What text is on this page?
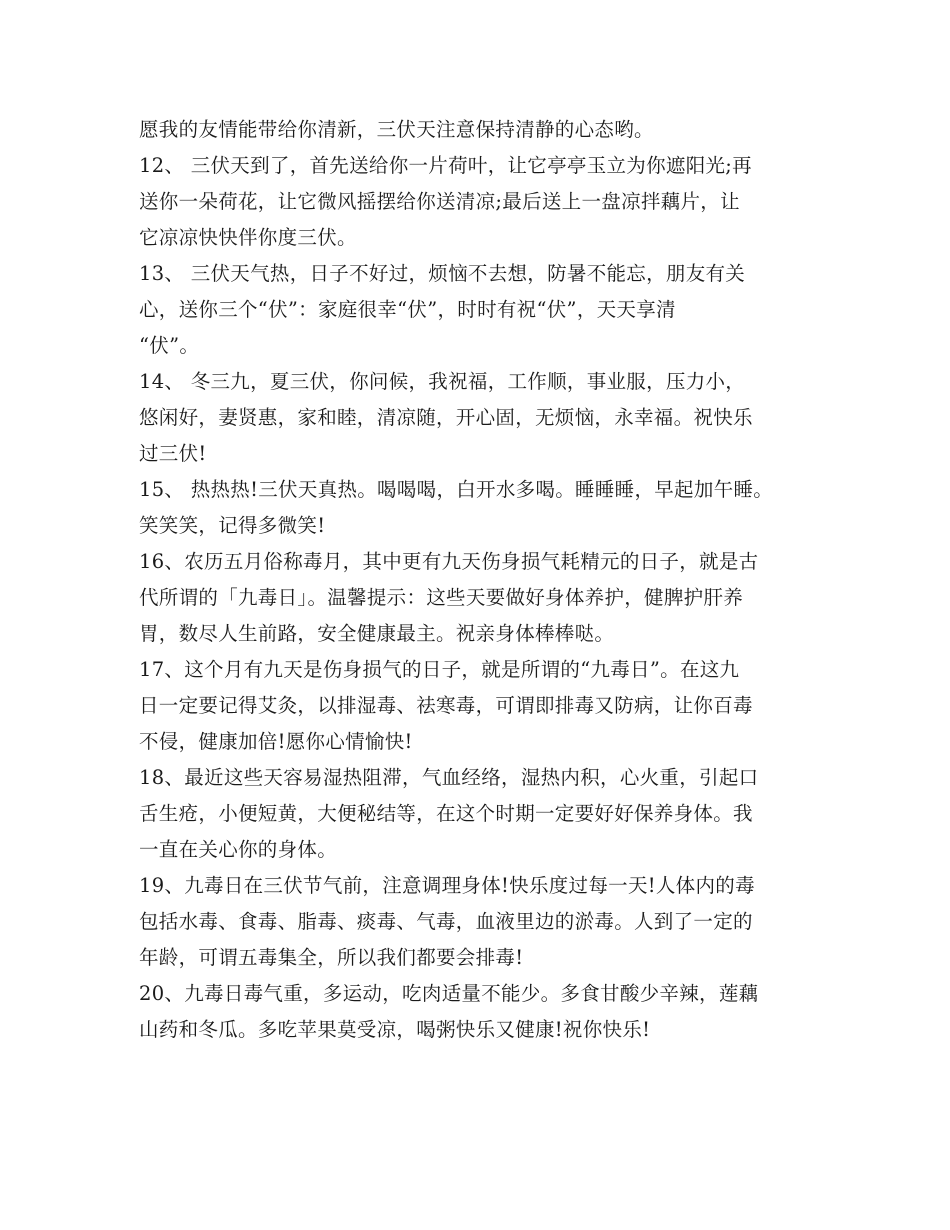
愿我的友情能带给你清新，三伏天注意保持清静的心态哟。
12、 三伏天到了，首先送给你一片荷叶，让它亭亭玉立为你遮阳光;再
送你一朵荷花，让它微风摇摆给你送清凉;最后送上一盘凉拌藕片，让
它凉凉快快伴你度三伏。
13、 三伏天气热，日子不好过，烦恼不去想，防暑不能忘，朋友有关
心，送你三个“伏”：家庭很幸“伏”，时时有祝“伏”，天天享清
“伏”。
14、 冬三九，夏三伏，你问候，我祝福，工作顺，事业服，压力小，
悠闲好，妻贤惠，家和睦，清凉随，开心固，无烦恼，永幸福。祝快乐
过三伏!
15、 热热热!三伏天真热。喝喝喝，白开水多喝。睡睡睡，早起加午睡。
笑笑笑，记得多微笑!
16、农历五月俗称毒月，其中更有九天伤身损气耗精元的日子，就是古
代所谓的「九毒日」。温馨提示：这些天要做好身体养护，健脾护肝养
胃，数尽人生前路，安全健康最主。祝亲身体棒棒哒。
17、这个月有九天是伤身损气的日子，就是所谓的“九毒日”。在这九
日一定要记得艾灸，以排湿毒、祛寒毒，可谓即排毒又防病，让你百毒
不侵，健康加倍!愿你心情愉快!
18、最近这些天容易湿热阻滞，气血经络，湿热内积，心火重，引起口
舌生疮，小便短黄，大便秘结等，在这个时期一定要好好保养身体。我
一直在关心你的身体。
19、九毒日在三伏节气前，注意调理身体!快乐度过每一天!人体内的毒
包括水毒、食毒、脂毒、痰毒、气毒，血液里边的淤毒。人到了一定的
年龄，可谓五毒集全，所以我们都要会排毒!
20、九毒日毒气重，多运动，吃肉适量不能少。多食甘酸少辛辣，莲藕
山药和冬瓜。多吃苹果莫受凉，喝粥快乐又健康!祝你快乐!
